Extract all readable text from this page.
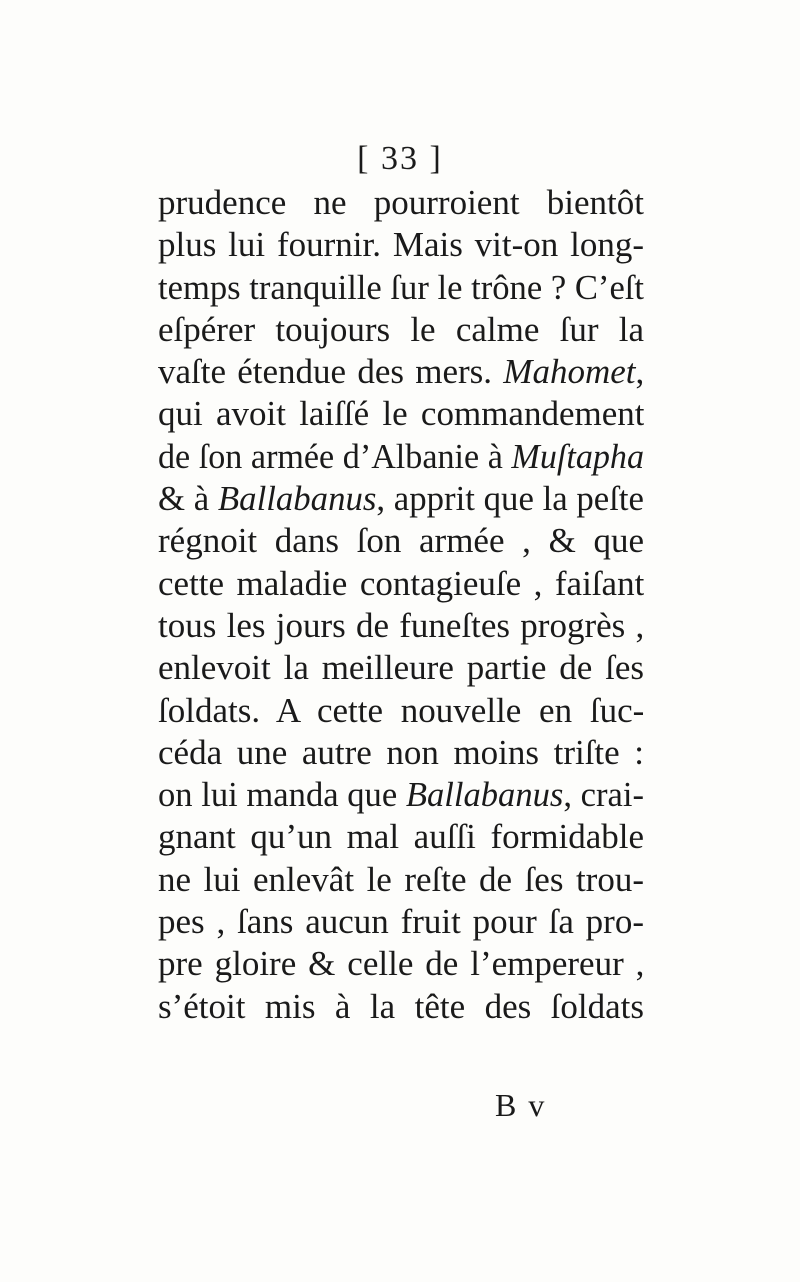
[ 33 ]
prudence ne pourroient bientôt
plus lui fournir. Mais vit-on long-
temps tranquille ſur le trône ? C’eſt
eſpérer toujours le calme ſur la
vaſte étendue des mers. Mahomet,
qui avoit laiſſé le commandement
de ſon armée d’Albanie à Muſtapha
& à Ballabanus, apprit que la peſte
régnoit dans ſon armée , & que
cette maladie contagieuſe , faiſant
tous les jours de funeſtes progrès ,
enlevoit la meilleure partie de ſes
ſoldats. A cette nouvelle en ſuc-
céda une autre non moins triſte :
on lui manda que Ballabanus, crai-
gnant qu’un mal auſſi formidable
ne lui enlevât le reſte de ſes trou-
pes , ſans aucun fruit pour ſa pro-
pre gloire & celle de l’empereur ,
s’étoit mis à la tête des ſoldats
B v
